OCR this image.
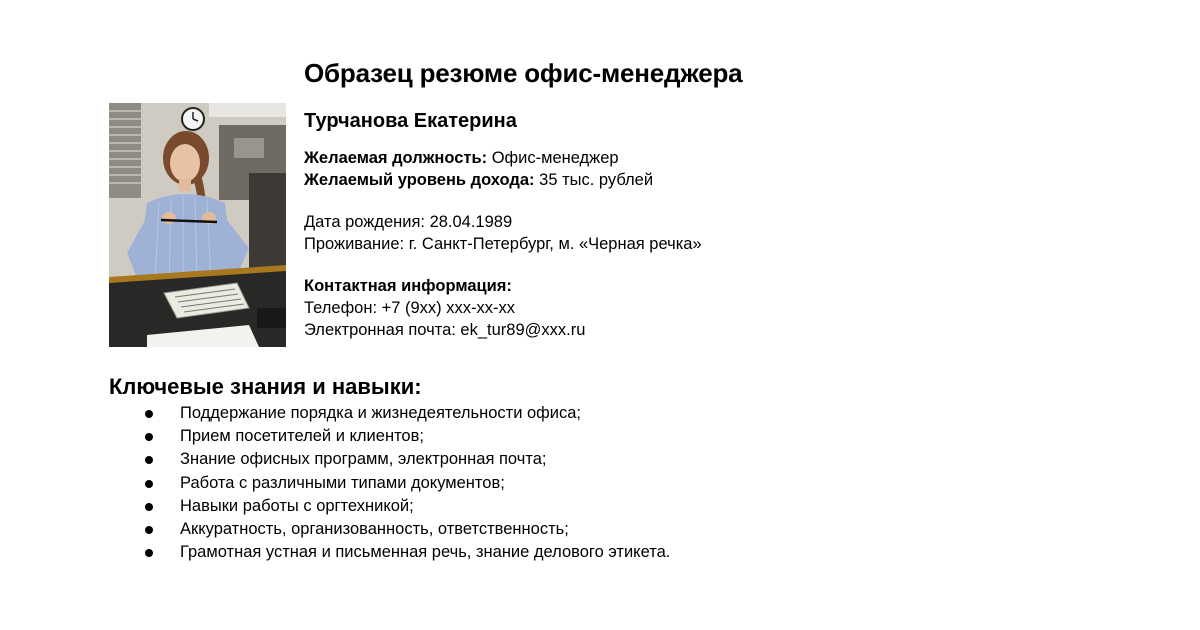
Образец резюме офис-менеджера
Турчанова Екатерина
Желаемая должность: Офис-менеджер
Желаемый уровень дохода: 35 тыс. рублей
Дата рождения: 28.04.1989
Проживание: г. Санкт-Петербург, м. «Черная речка»
Контактная информация:
Телефон: +7 (9хх) ххх-хх-хх
Электронная почта: ek_tur89@xxx.ru
Ключевые знания и навыки:
Поддержание порядка и жизнедеятельности офиса;
Прием посетителей и клиентов;
Знание офисных программ, электронная почта;
Работа с различными типами документов;
Навыки работы с оргтехникой;
Аккуратность, организованность, ответственность;
Грамотная устная и письменная речь, знание делового этикета.
